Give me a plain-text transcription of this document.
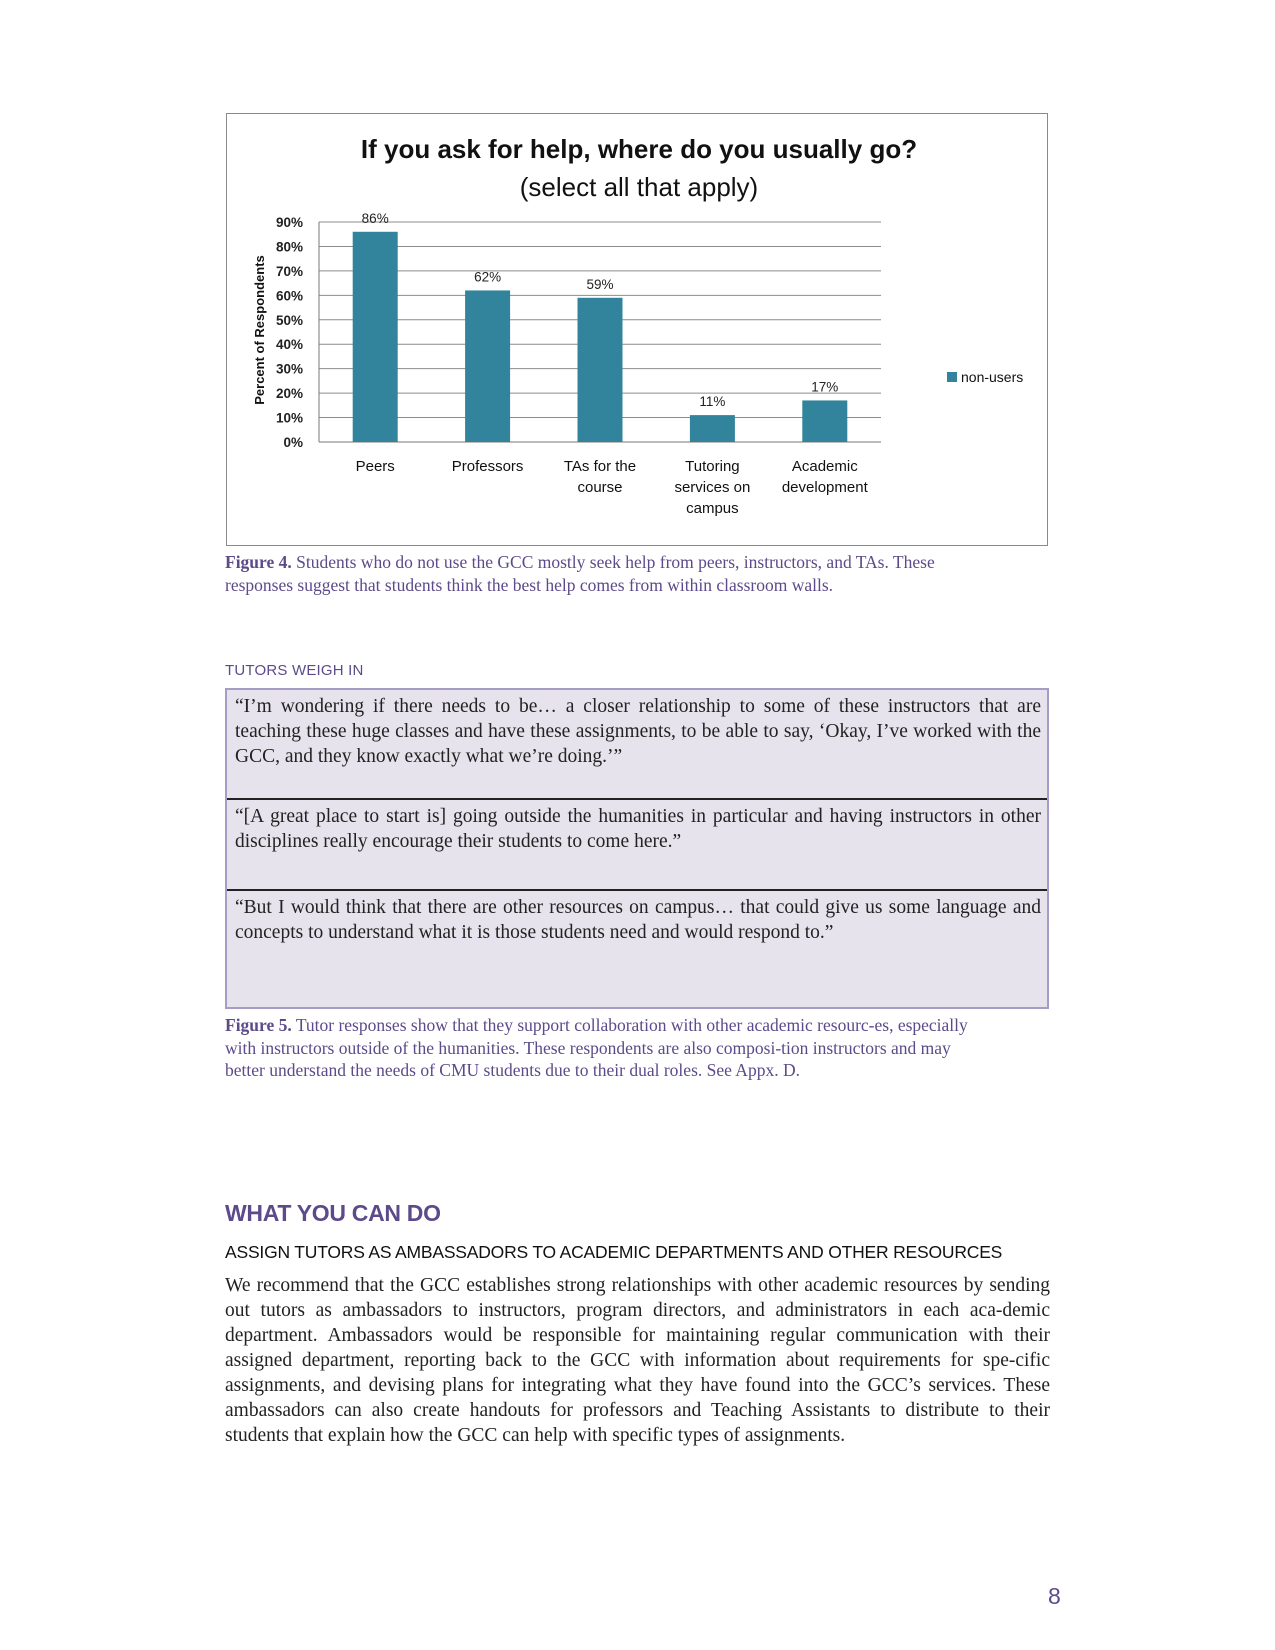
If you ask for help, where do you usually go?
(select all that apply)
Percent of Respondents
0%
10%
20%
30%
40%
50%
60%
70%
80%
90%	86%
62%	59%
11%
17%
Peers	Professors	TAs for the
course
Tutoring
services on
campus
Academic
development
non-users
Figure 4. Students who do not use the GCC mostly seek help from peers, instructors, and TAs. These responses suggest that students think the best help comes from within classroom walls.
TUTORS WEIGH IN
“I’m wondering if there needs to be… a closer relationship to some of these instructors that are teaching these huge classes and have these assignments, to be able to say, ‘Okay, I’ve worked with the GCC, and they know exactly what we’re doing.’”
“[A great place to start is] going outside the humanities in particular and having instructors in other disciplines really encourage their students to come here.”
“But I would think that there are other resources on campus… that could give us some language and concepts to understand what it is those students need and would respond to.”
Figure 5. Tutor responses show that they support collaboration with other academic resourc-es, especially with instructors outside of the humanities. These respondents are also composi-tion instructors and may better understand the needs of CMU students due to their dual roles. See Appx. D.
WHAT YOU CAN DO
ASSIGN TUTORS AS AMBASSADORS TO ACADEMIC DEPARTMENTS AND OTHER RESOURCES
We recommend that the GCC establishes strong relationships with other academic resources by sending out tutors as ambassadors to instructors, program directors, and administrators in each aca-demic department. Ambassadors would be responsible for maintaining regular communication with their assigned department, reporting back to the GCC with information about requirements for spe-cific assignments, and devising plans for integrating what they have found into the GCC’s services. These ambassadors can also create handouts for professors and Teaching Assistants to distribute to their students that explain how the GCC can help with specific types of assignments.
8
